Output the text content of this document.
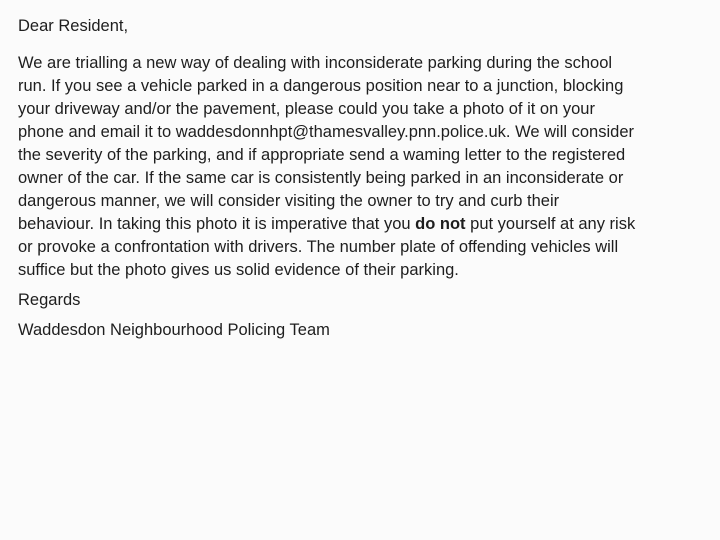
Dear Resident,
We are trialling a new way of dealing with inconsiderate parking during the school
run. If you see a vehicle parked in a dangerous position near to a junction, blocking
your driveway and/or the pavement, please could you take a photo of it on your
phone and email it to waddesdonnhpt@thamesvalley.pnn.police.uk. We will consider
the severity of the parking, and if appropriate send a waming letter to the registered
owner of the car. If the same car is consistently being parked in an inconsiderate or
dangerous manner, we will consider visiting the owner to try and curb their
behaviour. In taking this photo it is imperative that you do not put yourself at any risk
or provoke a confrontation with drivers. The number plate of offending vehicles will
suffice but the photo gives us solid evidence of their parking.
Regards
Waddesdon Neighbourhood Policing Team
